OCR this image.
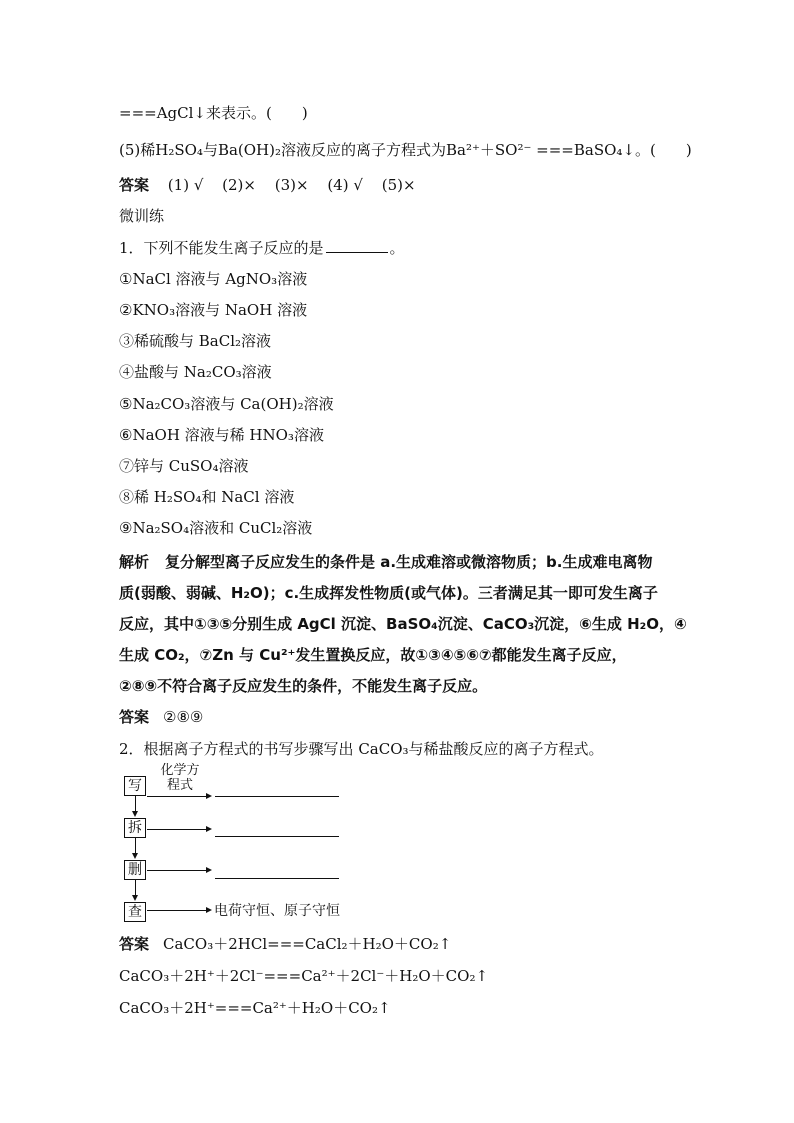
===AgCl↓来表示。(　　)
(5)稀H₂SO₄与Ba(OH)₂溶液反应的离子方程式为Ba²⁺＋SO²⁻ ===BaSO₄↓。(　　)
答案 (1) √ (2)× (3)× (4) √ (5)×
微训练
1．下列不能发生离子反应的是	。
①NaCl 溶液与 AgNO₃溶液
②KNO₃溶液与 NaOH 溶液
③稀硫酸与 BaCl₂溶液
④盐酸与 Na₂CO₃溶液
⑤Na₂CO₃溶液与 Ca(OH)₂溶液
⑥NaOH 溶液与稀 HNO₃溶液
⑦锌与 CuSO₄溶液
⑧稀 H₂SO₄和 NaCl 溶液
⑨Na₂SO₄溶液和 CuCl₂溶液
解析 复分解型离子反应发生的条件是 a.生成难溶或微溶物质；b.生成难电离物
质(弱酸、弱碱、H₂O)；c.生成挥发性物质(或气体)。三者满足其一即可发生离子
反应，其中①③⑤分别生成 AgCl 沉淀、BaSO₄沉淀、CaCO₃沉淀，⑥生成 H₂O，④
生成 CO₂，⑦Zn 与 Cu²⁺发生置换反应，故①③④⑤⑥⑦都能发生离子反应，
②⑧⑨不符合离子反应发生的条件，不能发生离子反应。
答案 ②⑧⑨
2．根据离子方程式的书写步骤写出 CaCO₃与稀盐酸反应的离子方程式。
写
拆
删
查
化学方
程式
电荷守恒、原子守恒
答案 CaCO₃＋2HCl===CaCl₂＋H₂O＋CO₂↑
CaCO₃＋2H⁺＋2Cl⁻===Ca²⁺＋2Cl⁻＋H₂O＋CO₂↑
CaCO₃＋2H⁺===Ca²⁺＋H₂O＋CO₂↑
